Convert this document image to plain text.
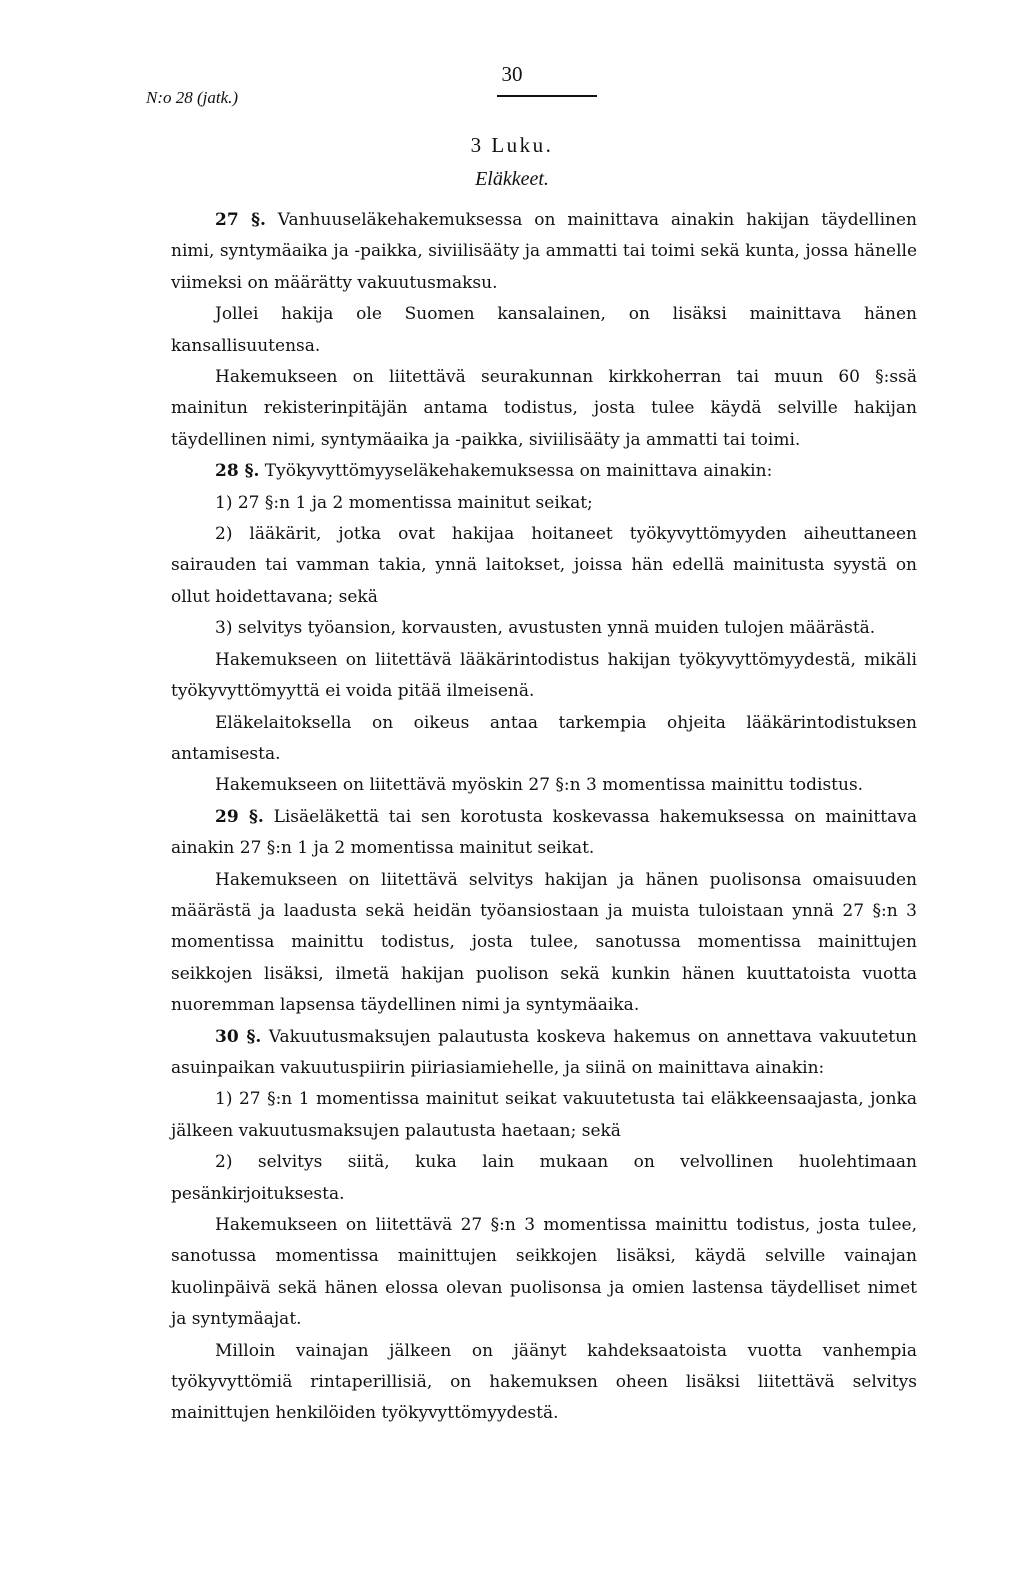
N:o 28 (jatk.)
30
3 Luku.
Eläkkeet.

27 §. Vanhuuseläkehakemuksessa on mainittava ainakin hakijan täydellinen nimi, syntymäaika ja -paikka, siviilisääty ja ammatti tai toimi sekä kunta, jossa hänelle viimeksi on määrätty vakuutusmaksu.

Jollei hakija ole Suomen kansalainen, on lisäksi mainittava hänen kansallisuutensa.

Hakemukseen on liitettävä seurakunnan kirkkoherran tai muun 60 §:ssä mainitun rekisterinpitäjän antama todistus, josta tulee käydä selville hakijan täydellinen nimi, syntymäaika ja -paikka, siviilisääty ja ammatti tai toimi.

28 §. Työkyvyttömyyseläkehakemuksessa on mainittava ainakin:

1) 27 §:n 1 ja 2 momentissa mainitut seikat;

2) lääkärit, jotka ovat hakijaa hoitaneet työkyvyttömyyden aiheuttaneen sairauden tai vamman takia, ynnä laitokset, joissa hän edellä mainitusta syystä on ollut hoidettavana; sekä

3) selvitys työansion, korvausten, avustusten ynnä muiden tulojen määrästä.

Hakemukseen on liitettävä lääkärintodistus hakijan työkyvyttömyydestä, mikäli työkyvyttömyyttä ei voida pitää ilmeisenä.

Eläkelaitoksella on oikeus antaa tarkempia ohjeita lääkärintodistuksen antamisesta.

Hakemukseen on liitettävä myöskin 27 §:n 3 momentissa mainittu todistus.

29 §. Lisäeläkettä tai sen korotusta koskevassa hakemuksessa on mainittava ainakin 27 §:n 1 ja 2 momentissa mainitut seikat.

Hakemukseen on liitettävä selvitys hakijan ja hänen puolisonsa omaisuuden määrästä ja laadusta sekä heidän työansiostaan ja muista tuloistaan ynnä 27 §:n 3 momentissa mainittu todistus, josta tulee, sanotussa momentissa mainittujen seikkojen lisäksi, ilmetä hakijan puolison sekä kunkin hänen kuuttatoista vuotta nuoremman lapsensa täydellinen nimi ja syntymäaika.

30 §. Vakuutusmaksujen palautusta koskeva hakemus on annettava vakuutetun asuinpaikan vakuutuspiirin piiriasiamiehelle, ja siinä on mainittava ainakin:

1) 27 §:n 1 momentissa mainitut seikat vakuutetusta tai eläkkeensaajasta, jonka jälkeen vakuutusmaksujen palautusta haetaan; sekä

2) selvitys siitä, kuka lain mukaan on velvollinen huolehtimaan pesänkirjoituksesta.

Hakemukseen on liitettävä 27 §:n 3 momentissa mainittu todistus, josta tulee, sanotussa momentissa mainittujen seikkojen lisäksi, käydä selville vainajan kuolinpäivä sekä hänen elossa olevan puolisonsa ja omien lastensa täydelliset nimet ja syntymäajat.

Milloin vainajan jälkeen on jäänyt kahdeksaatoista vuotta vanhempia työkyvyttömiä rintaperillisiä, on hakemuksen oheen lisäksi liitettävä selvitys mainittujen henkilöiden työkyvyttömyydestä.
